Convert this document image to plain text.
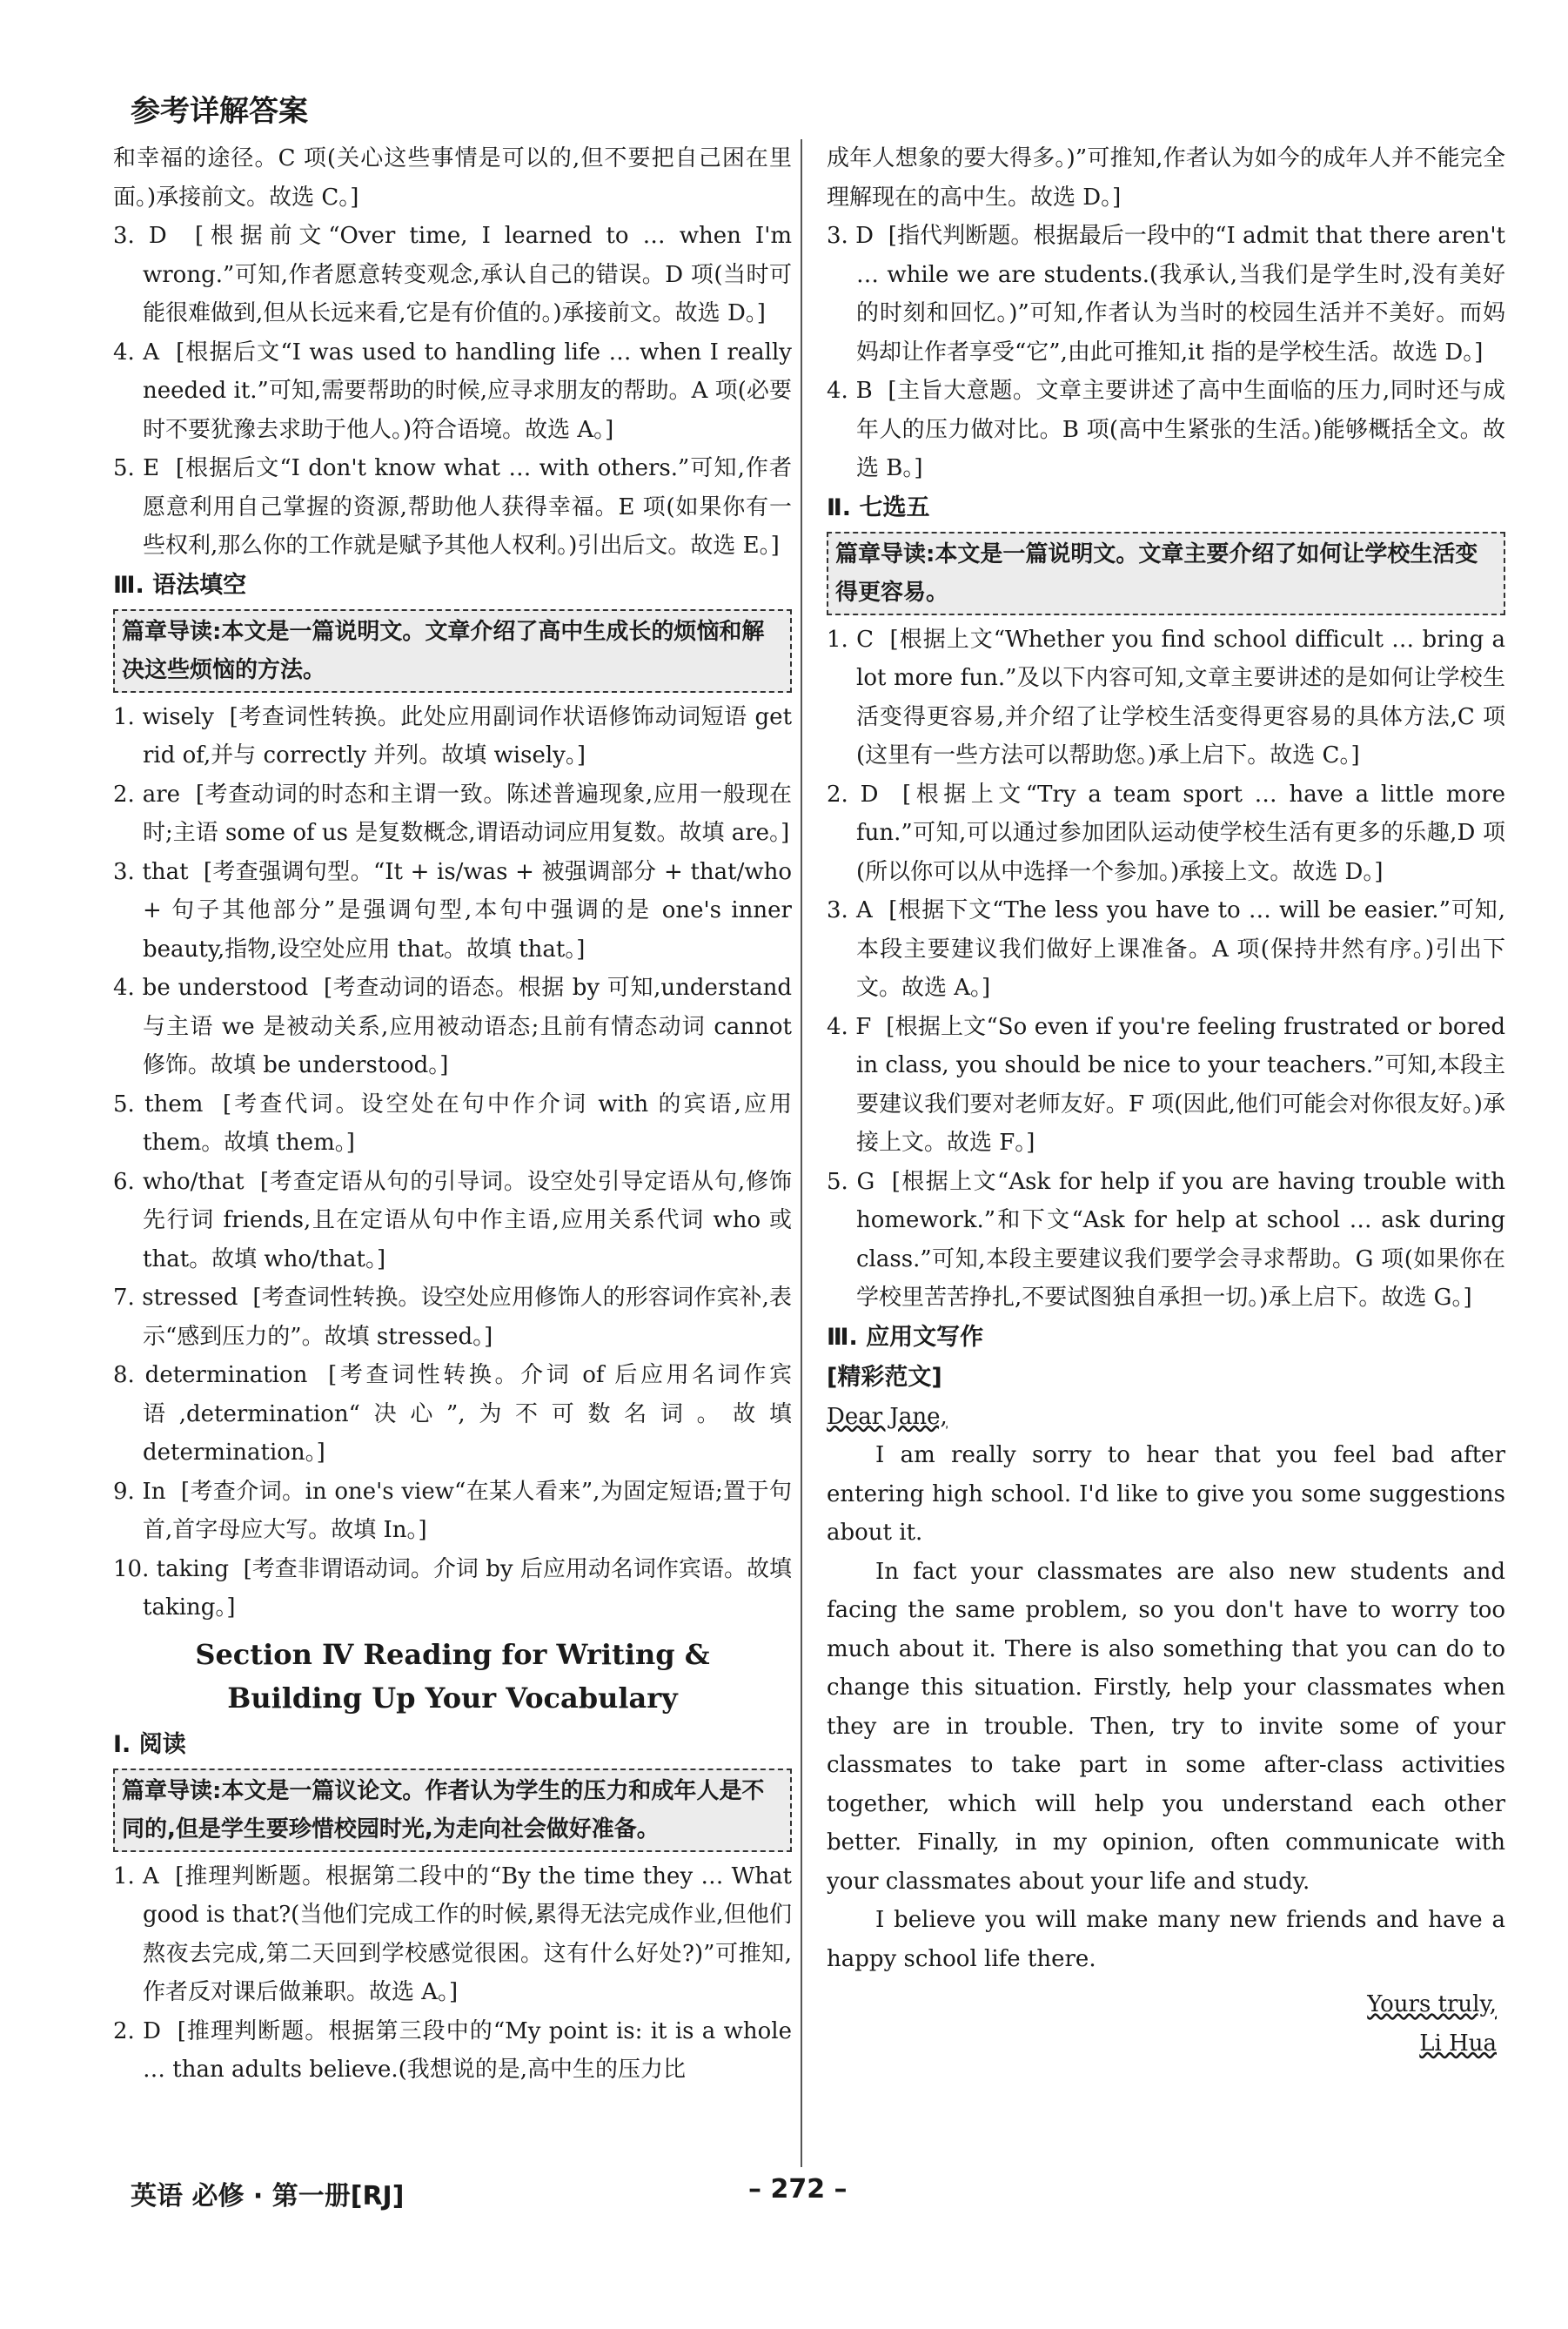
参考详解答案

和幸福的途径。C 项(关心这些事情是可以的,但不要把自己困在里面。)承接前文。故选 C。]

3. D [根据前文“Over time, I learned to … when I'm wrong.”可知,作者愿意转变观念,承认自己的错误。D 项(当时可能很难做到,但从长远来看,它是有价值的。)承接前文。故选 D。]

4. A [根据后文“I was used to handling life … when I really needed it.”可知,需要帮助的时候,应寻求朋友的帮助。A 项(必要时不要犹豫去求助于他人。)符合语境。故选 A。]

5. E [根据后文“I don't know what … with others.”可知,作者愿意利用自己掌握的资源,帮助他人获得幸福。E 项(如果你有一些权利,那么你的工作就是赋予其他人权利。)引出后文。故选 E。]

Ⅲ. 语法填空
篇章导读:本文是一篇说明文。文章介绍了高中生成长的烦恼和解决这些烦恼的方法。

1. wisely [考查词性转换。此处应用副词作状语修饰动词短语 get rid of,并与 correctly 并列。故填 wisely。]

2. are [考查动词的时态和主谓一致。陈述普遍现象,应用一般现在时;主语 some of us 是复数概念,谓语动词应用复数。故填 are。]

3. that [考查强调句型。“It + is/was + 被强调部分 + that/who + 句子其他部分”是强调句型,本句中强调的是 one's inner beauty,指物,设空处应用 that。故填 that。]

4. be understood [考查动词的语态。根据 by 可知,understand 与主语 we 是被动关系,应用被动语态;且前有情态动词 cannot 修饰。故填 be understood。]

5. them [考查代词。设空处在句中作介词 with 的宾语,应用 them。故填 them。]

6. who/that [考查定语从句的引导词。设空处引导定语从句,修饰先行词 friends,且在定语从句中作主语,应用关系代词 who 或 that。故填 who/that。]

7. stressed [考查词性转换。设空处应用修饰人的形容词作宾补,表示“感到压力的”。故填 stressed。]

8. determination [考查词性转换。介词 of 后应用名词作宾语,determination“决心”,为不可数名词。故填 determination。]

9. In [考查介词。in one's view“在某人看来”,为固定短语;置于句首,首字母应大写。故填 In。]

10. taking [考查非谓语动词。介词 by 后应用动名词作宾语。故填 taking。]

Section Ⅳ Reading for Writing &
Building Up Your Vocabulary
Ⅰ. 阅读
篇章导读:本文是一篇议论文。作者认为学生的压力和成年人是不同的,但是学生要珍惜校园时光,为走向社会做好准备。

1. A [推理判断题。根据第二段中的“By the time they … What good is that?(当他们完成工作的时候,累得无法完成作业,但他们熬夜去完成,第二天回到学校感觉很困。这有什么好处?)”可推知,作者反对课后做兼职。故选 A。]

2. D [推理判断题。根据第三段中的“My point is: it is a whole … than adults believe.(我想说的是,高中生的压力比

成年人想象的要大得多。)”可推知,作者认为如今的成年人并不能完全理解现在的高中生。故选 D。]

3. D [指代判断题。根据最后一段中的“I admit that there aren't … while we are students.(我承认,当我们是学生时,没有美好的时刻和回忆。)”可知,作者认为当时的校园生活并不美好。而妈妈却让作者享受“它”,由此可推知,it 指的是学校生活。故选 D。]

4. B [主旨大意题。文章主要讲述了高中生面临的压力,同时还与成年人的压力做对比。B 项(高中生紧张的生活。)能够概括全文。故选 B。]

Ⅱ. 七选五
篇章导读:本文是一篇说明文。文章主要介绍了如何让学校生活变得更容易。

1. C [根据上文“Whether you find school difficult … bring a lot more fun.”及以下内容可知,文章主要讲述的是如何让学校生活变得更容易,并介绍了让学校生活变得更容易的具体方法,C 项(这里有一些方法可以帮助您。)承上启下。故选 C。]

2. D [根据上文“Try a team sport … have a little more fun.”可知,可以通过参加团队运动使学校生活有更多的乐趣,D 项(所以你可以从中选择一个参加。)承接上文。故选 D。]

3. A [根据下文“The less you have to … will be easier.”可知,本段主要建议我们做好上课准备。A 项(保持井然有序。)引出下文。故选 A。]

4. F [根据上文“So even if you're feeling frustrated or bored in class, you should be nice to your teachers.”可知,本段主要建议我们要对老师友好。F 项(因此,他们可能会对你很友好。)承接上文。故选 F。]

5. G [根据上文“Ask for help if you are having trouble with homework.”和下文“Ask for help at school … ask during class.”可知,本段主要建议我们要学会寻求帮助。G 项(如果你在学校里苦苦挣扎,不要试图独自承担一切。)承上启下。故选 G。]

Ⅲ. 应用文写作
[精彩范文]

Dear Jane,

I am really sorry to hear that you feel bad after entering high school. I'd like to give you some suggestions about it.

In fact your classmates are also new students and facing the same problem, so you don't have to worry too much about it. There is also something that you can do to change this situation. Firstly, help your classmates when they are in trouble. Then, try to invite some of your classmates to take part in some after-class activities together, which will help you understand each other better. Finally, in my opinion, often communicate with your classmates about your life and study.

I believe you will make many new friends and have a happy school life there.

Yours truly,

Li Hua

英语 必修 · 第一册[RJ]	– 272 –
